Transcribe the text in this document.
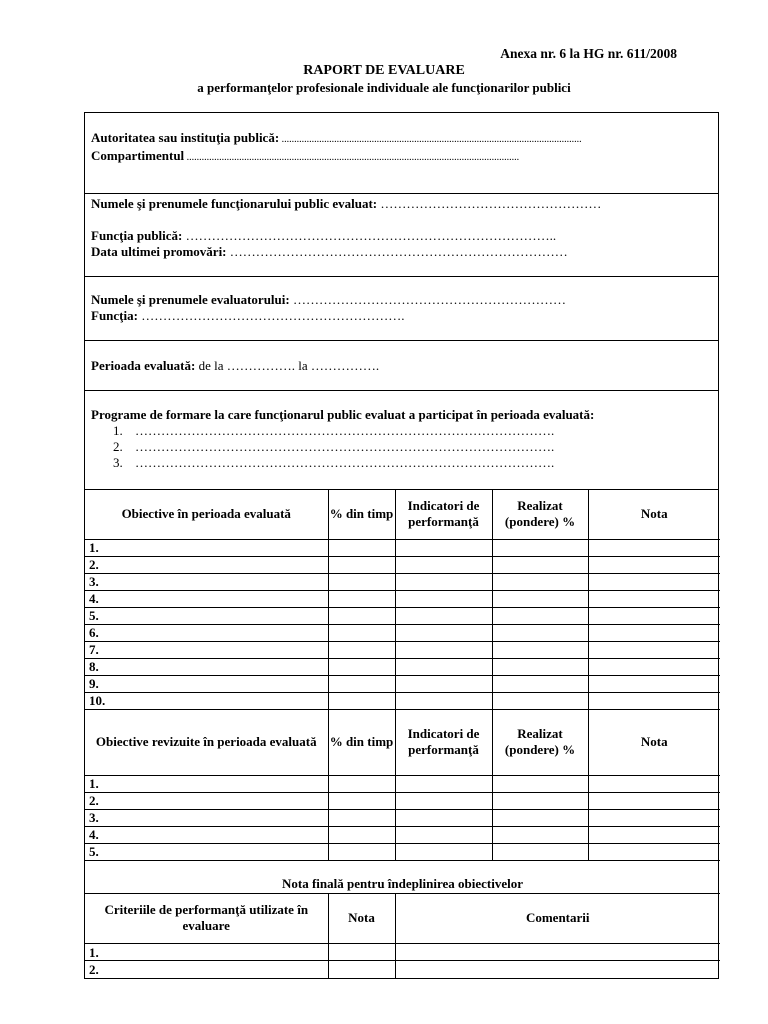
Anexa nr. 6 la HG nr. 611/2008
RAPORT DE EVALUARE
a performanţelor profesionale individuale ale funcţionarilor publici
Autoritatea sau instituţia publică: ........................................................................................................................
Compartimentul .....................................................................................................................................
Numele şi prenumele funcţionarului public evaluat: ……………………………………………
Funcţia publică: …………………………………………………………………………..
Data ultimei promovări: ……………………………………………………………………
Numele şi prenumele evaluatorului: ………………………………………………………
Funcţia: …………………………………………………….
Perioada evaluată: de la ……………. la …………….
Programe de formare la care funcţionarul public evaluat a participat în perioada evaluată:
1. …………………………………………………………………………………….
2. …………………………………………………………………………………….
3. …………………………………………………………………………………….
Obiective în perioada evaluată	% din timp	Indicatori de performanţă	Realizat (pondere) %	Nota
1.				
2.				
3.				
4.				
5.				
6.				
7.				
8.				
9.				
10.				
Obiective revizuite în perioada evaluată	% din timp	Indicatori de performanţă	Realizat (pondere) %	Nota
1.				
2.				
3.				
4.				
5.				
Nota finală pentru îndeplinirea obiectivelor				
Criteriile de performanţă utilizate în evaluare	Nota	Comentarii
1.		
2.		
